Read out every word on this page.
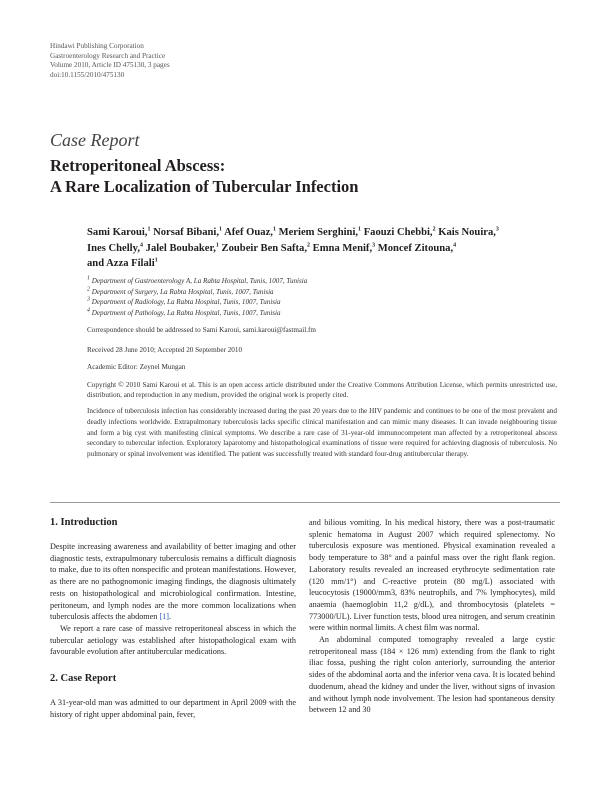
Hindawi Publishing Corporation
Gastroenterology Research and Practice
Volume 2010, Article ID 475130, 3 pages
doi:10.1155/2010/475130
Case Report
Retroperitoneal Abscess:
A Rare Localization of Tubercular Infection
Sami Karoui,$^1$ Norsaf Bibani,$^1$ Afef Ouaz,$^1$ Meriem Serghini,$^1$ Faouzi Chebbi,$^2$ Kais Nouira,$^3$
Ines Chelly,$^4$ Jalel Boubaker,$^1$ Zoubeir Ben Safta,$^2$ Emna Menif,$^3$ Moncef Zitouna,$^4$
and Azza Filali$^1$
$^1$ Department of Gastroenterology A, La Rabta Hospital, Tunis, 1007, Tunisia
$^2$ Department of Surgery, La Rabta Hospital, Tunis, 1007, Tunisia
$^3$ Department of Radiology, La Rabta Hospital, Tunis, 1007, Tunisia
$^4$ Department of Pathology, La Rabta Hospital, Tunis, 1007, Tunisia
Correspondence should be addressed to Sami Karoui, sami.karoui@fastmail.fm
Received 28 June 2010; Accepted 20 September 2010
Academic Editor: Zeynel Mungan
Copyright © 2010 Sami Karoui et al. This is an open access article distributed under the Creative Commons Attribution License, which permits unrestricted use, distribution, and reproduction in any medium, provided the original work is properly cited.
Incidence of tuberculosis infection has considerably increased during the past 20 years due to the HIV pandemic and continues to be one of the most prevalent and deadly infections worldwide. Extrapulmonary tuberculosis lacks specific clinical manifestation and can mimic many diseases. It can invade neighbouring tissue and form a big cyst with manifesting clinical symptoms. We describe a rare case of 31-year-old immunocompetent man affected by a retroperitoneal abscess secondary to tubercular infection. Exploratory laparotomy and histopathological examinations of tissue were required for achieving diagnosis of tuberculosis. No pulmonary or spinal involvement was identified. The patient was successfully treated with standard four-drug antitubercular therapy.
1. Introduction

Despite increasing awareness and availability of better imaging and other diagnostic tests, extrapulmonary tuberculosis remains a difficult diagnosis to make, due to its often nonspecific and protean manifestations. However, as there are no pathognomonic imaging findings, the diagnosis ultimately rests on histopathological and microbiological confirmation. Intestine, peritoneum, and lymph nodes are the more common localizations when tuberculosis affects the abdomen [1].

We report a rare case of massive retroperitoneal abscess in which the tubercular aetiology was established after histopathological exam with favourable evolution after antitubercular medications.

2. Case Report

A 31-year-old man was admitted to our department in April 2009 with the history of right upper abdominal pain, fever,

and bilious vomiting. In his medical history, there was a post-traumatic splenic hematoma in August 2007 which required splenectomy. No tuberculosis exposure was mentioned. Physical examination revealed a body temperature to 38° and a painful mass over the right flank region. Laboratory results revealed an increased erythrocyte sedimentation rate (120 mm/1°) and C-reactive protein (80 mg/L) associated with leucocytosis (19000/mm3, 83% neutrophils, and 7% lymphocytes), mild anaemia (haemoglobin 11,2 g/dL), and thrombocytosis (platelets = 773000/UL). Liver function tests, blood urea nitrogen, and serum creatinin were within normal limits. A chest film was normal.

An abdominal computed tomography revealed a large cystic retroperitoneal mass (184 × 126 mm) extending from the flank to right iliac fossa, pushing the right colon anteriorly, surrounding the anterior sides of the abdominal aorta and the inferior vena cava. It is located behind duodenum, ahead the kidney and under the liver, without signs of invasion and without lymph node involvement. The lesion had spontaneous density between 12 and 30
